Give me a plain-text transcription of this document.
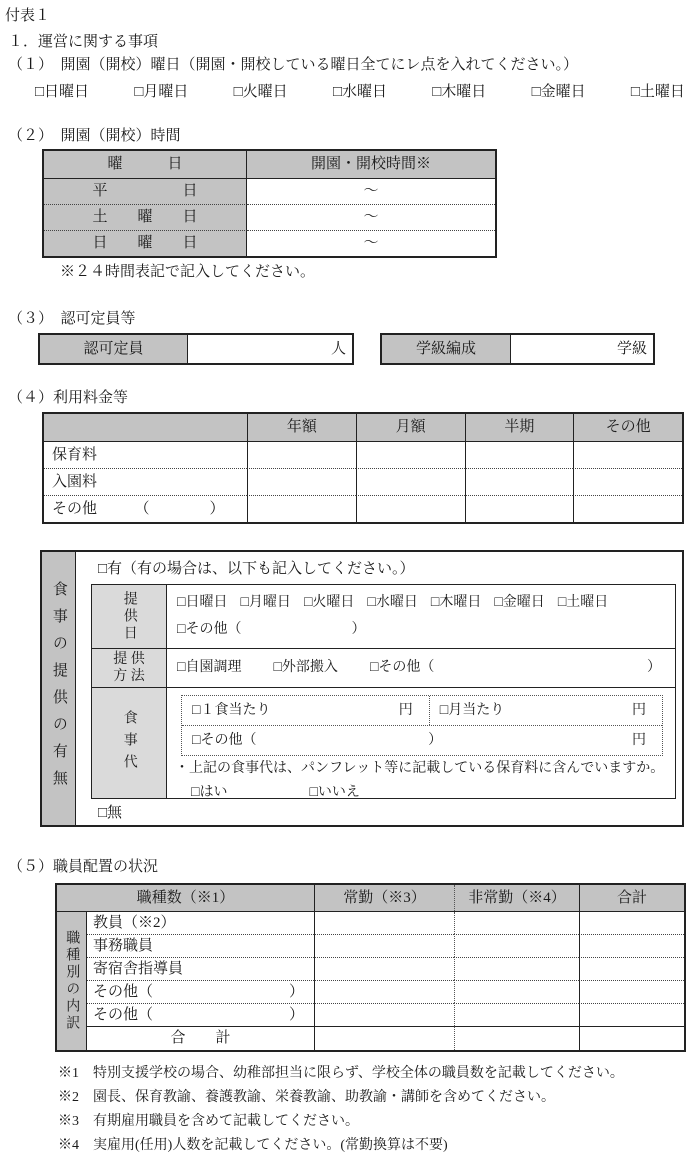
付表１
１．運営に関する事項
（１）　開園（開校）曜日（開園・開校している曜日全てにレ点を入れてください。）
□日曜日	□月曜日	□火曜日	□水曜日	□木曜日	□金曜日	□土曜日
（２）　開園（開校）時間
曜　　　日	開園・開校時間※
平　　　　　日	～
土　　曜　　日	～
日　　曜　　日	～
※２４時間表記で記入してください。
（３）　認可定員等
認可定員	人	学級編成	学級
（４）利用料金等
年額	月額	半期	その他
保育料
入園料
その他　　　（　　　　）
食事の提供の有無
□有（有の場合は、以下も記入してください。）
提供日	□日曜日 □月曜日 □火曜日 □水曜日 □木曜日 □金曜日 □土曜日
□その他（	）
提 供
方 法
□自園調理 □外部搬入 □その他（	）
食事代	□１食当たり	円 □月当たり	円
□その他（	）	円
・上記の食事代は、パンフレット等に記載している保育料に含んでいますか。
□はい	□いいえ
□無
（５）職員配置の状況
職種数（※1）	常勤（※3）	非常勤（※4）	合計
職種別の内訳
教員（※2）
事務職員
寄宿舎指導員
その他（	）
その他（	）
合　　計
※1　特別支援学校の場合、幼稚部担当に限らず、学校全体の職員数を記載してください。
※2　園長、保育教諭、養護教諭、栄養教諭、助教諭・講師を含めてください。
※3　有期雇用職員を含めて記載してください。
※4　実雇用(任用)人数を記載してください。(常勤換算は不要)
